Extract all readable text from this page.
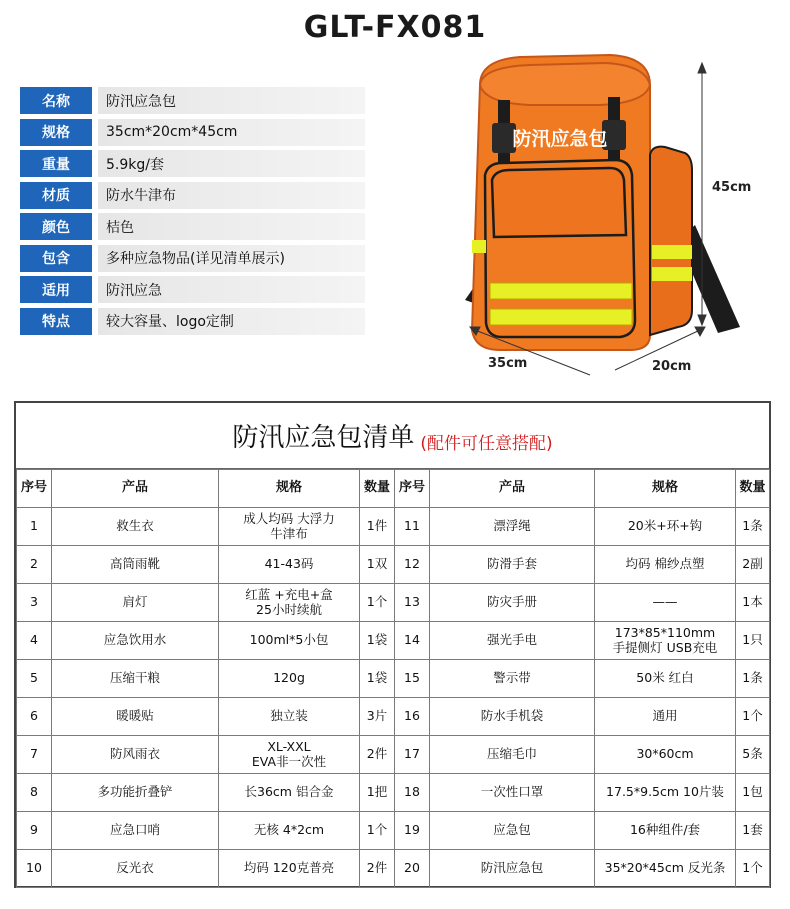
GLT-FX081
名称	防汛应急包
规格	35cm*20cm*45cm
重量	5.9kg/套
材质	防水牛津布
颜色	桔色
包含	多种应急物品(详见清单展示)
适用	防汛应急
特点	较大容量、logo定制
防汛应急包
45cm
35cm	20cm
防汛应急包清单 (配件可任意搭配)
序号	产品	规格	数量	序号	产品	规格	数量
1	救生衣	成人均码 大浮力
牛津布	1件	11	漂浮绳	20米+环+钩	1条
2	高筒雨靴	41-43码	1双	12	防滑手套	均码 棉纱点塑	2副
3	肩灯	红蓝 +充电+盒
25小时续航	1个	13	防灾手册	——	1本
4	应急饮用水	100ml*5小包	1袋	14	强光手电	173*85*110mm
手提侧灯 USB充电	1只
5	压缩干粮	120g	1袋	15	警示带	50米 红白	1条
6	暖暖贴	独立装	3片	16	防水手机袋	通用	1个
7	防风雨衣	XL-XXL
EVA非一次性	2件	17	压缩毛巾	30*60cm	5条
8	多功能折叠铲	长36cm 铝合金	1把	18	一次性口罩	17.5*9.5cm 10片装	1包
9	应急口哨	无核 4*2cm	1个	19	应急包	16种组件/套	1套
10	反光衣	均码 120克普亮	2件	20	防汛应急包	35*20*45cm 反光条	1个
